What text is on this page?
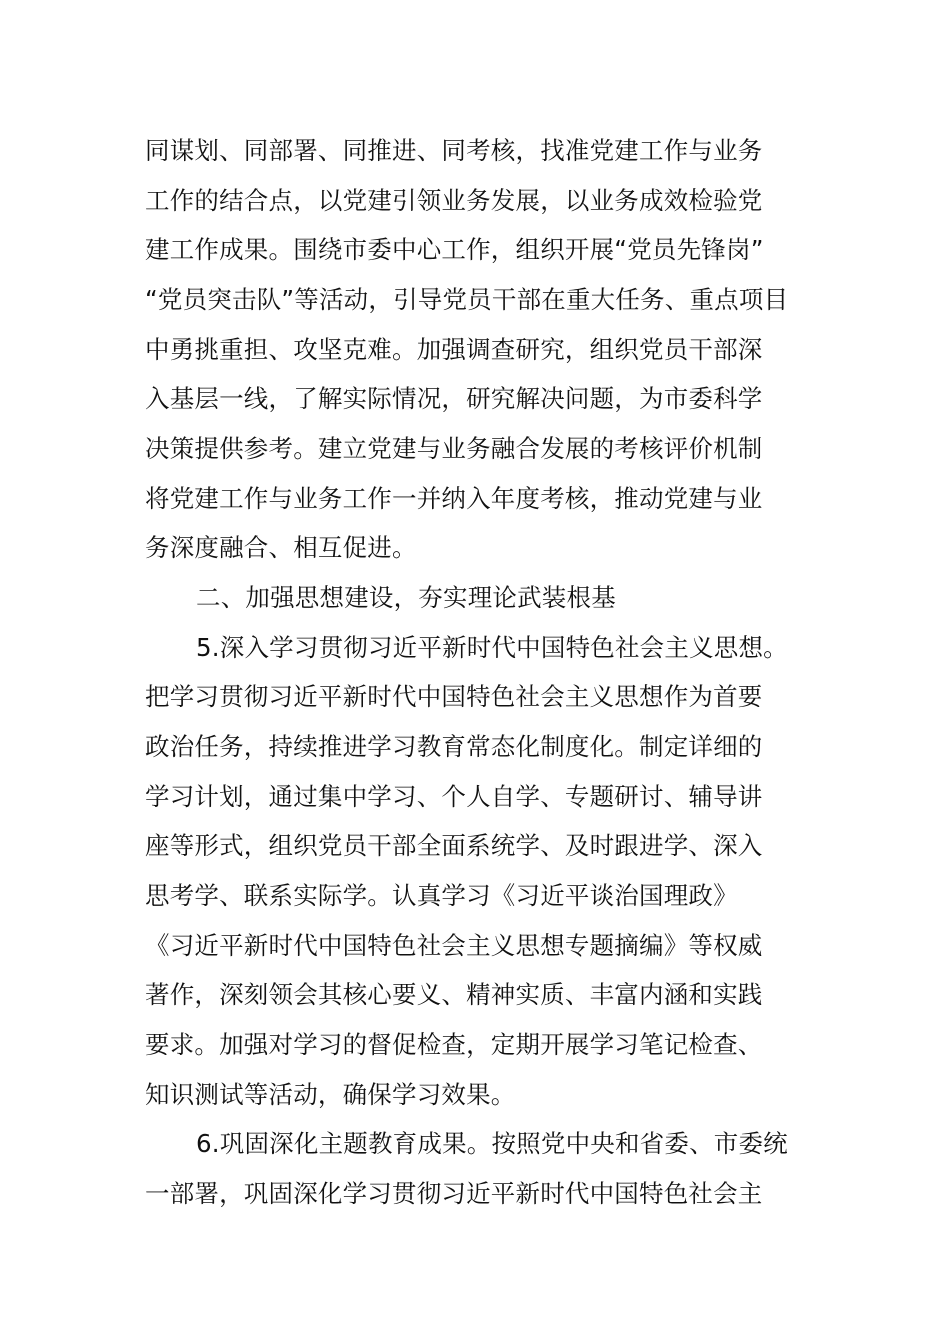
同谋划、同部署、同推进、同考核，找准党建工作与业务
工作的结合点，以党建引领业务发展，以业务成效检验党
建工作成果。围绕市委中心工作，组织开展“党员先锋岗”
“党员突击队”等活动，引导党员干部在重大任务、重点项目
中勇挑重担、攻坚克难。加强调查研究，组织党员干部深
入基层一线，了解实际情况，研究解决问题，为市委科学
决策提供参考。建立党建与业务融合发展的考核评价机制
将党建工作与业务工作一并纳入年度考核，推动党建与业
务深度融合、相互促进。
二、加强思想建设，夯实理论武装根基
5.深入学习贯彻习近平新时代中国特色社会主义思想。
把学习贯彻习近平新时代中国特色社会主义思想作为首要
政治任务，持续推进学习教育常态化制度化。制定详细的
学习计划，通过集中学习、个人自学、专题研讨、辅导讲
座等形式，组织党员干部全面系统学、及时跟进学、深入
思考学、联系实际学。认真学习《习近平谈治国理政》
《习近平新时代中国特色社会主义思想专题摘编》等权威
著作，深刻领会其核心要义、精神实质、丰富内涵和实践
要求。加强对学习的督促检查，定期开展学习笔记检查、
知识测试等活动，确保学习效果。
6.巩固深化主题教育成果。按照党中央和省委、市委统
一部署，巩固深化学习贯彻习近平新时代中国特色社会主
